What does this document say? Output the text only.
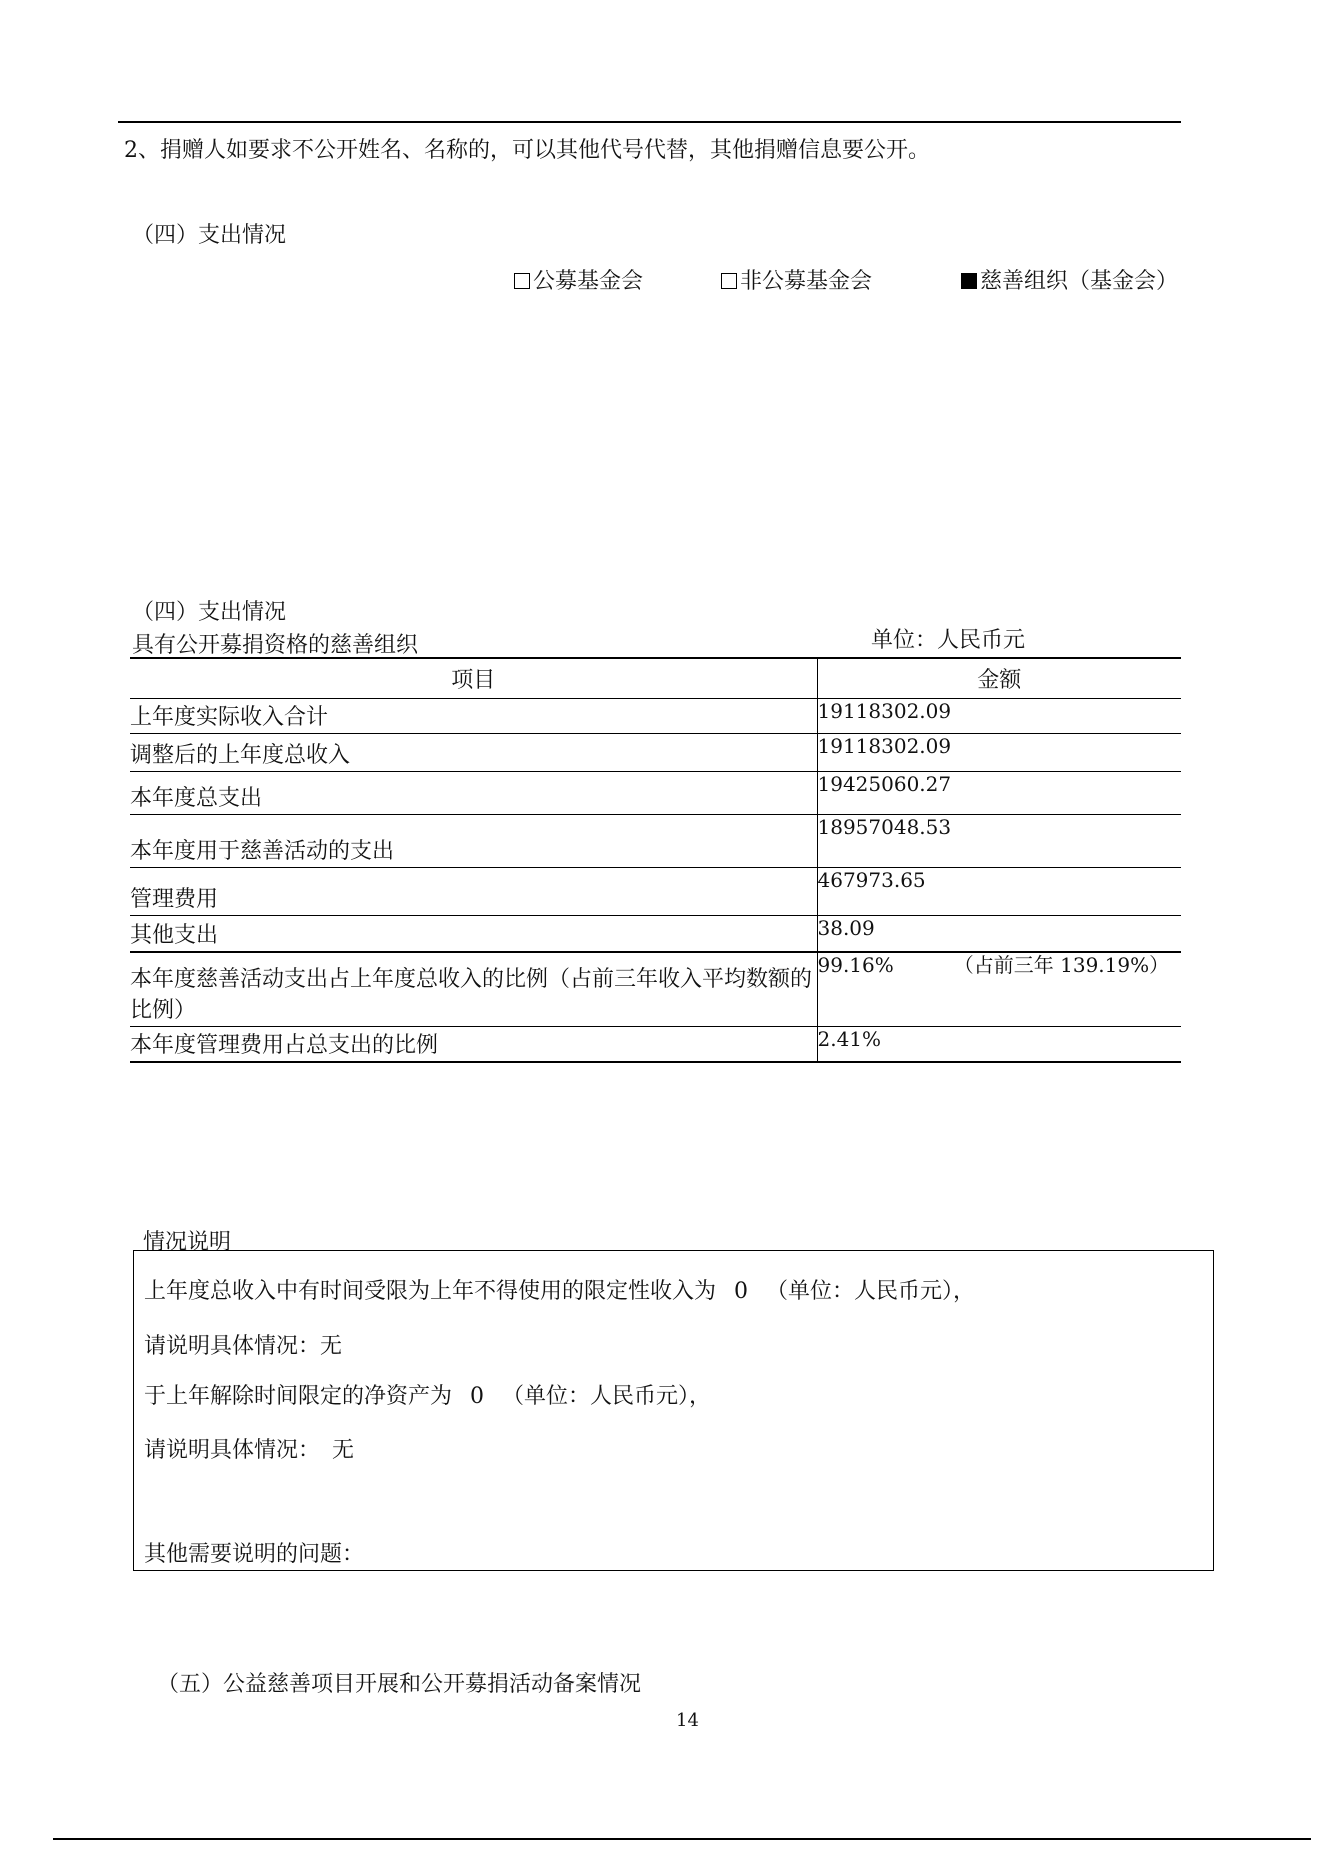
2、捐赠人如要求不公开姓名、名称的，可以其他代号代替，其他捐赠信息要公开。
（四）支出情况
公募基金会	非公募基金会	慈善组织（基金会）
（四）支出情况
具有公开募捐资格的慈善组织	单位：人民币元
项目	金额
上年度实际收入合计	19118302.09
调整后的上年度总收入	19118302.09
本年度总支出	19425060.27
本年度用于慈善活动的支出	18957048.53
管理费用	467973.65
其他支出	38.09
本年度慈善活动支出占上年度总收入的比例（占前三年收入平均数额的比例）	99.16% （占前三年 139.19%）
本年度管理费用占总支出的比例	2.41%
情况说明
上年度总收入中有时间受限为上年不得使用的限定性收入为 0 （单位：人民币元），
请说明具体情况：无
于上年解除时间限定的净资产为 0 （单位：人民币元），
请说明具体情况： 无
其他需要说明的问题：
（五）公益慈善项目开展和公开募捐活动备案情况
14
